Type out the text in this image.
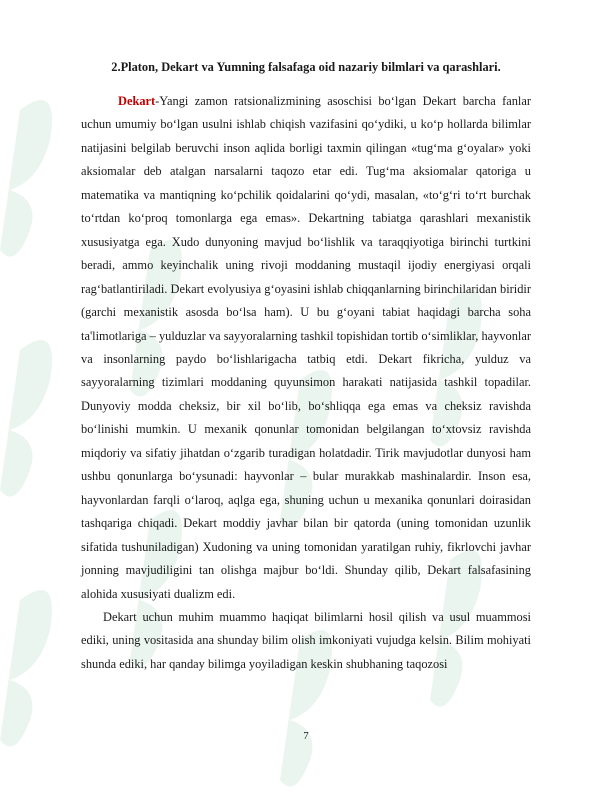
2.Platon, Dekart va Yumning falsafaga oid nazariy bilmlari va qarashlari.

Dekart-Yangi zamon ratsionalizmining asoschisi bo‘lgan Dekart barcha fanlar uchun umumiy bo‘lgan usulni ishlab chiqish vazifasini qo‘ydiki, u ko‘p hollarda bilimlar natijasini belgilab beruvchi inson aqlida borligi taxmin qilingan «tug‘ma g‘oyalar» yoki aksiomalar deb atalgan narsalarni taqozo etar edi. Tug‘ma aksiomalar qatoriga u matematika va mantiqning ko‘pchilik qoidalarini qo‘ydi, masalan, «to‘g‘ri to‘rt burchak to‘rtdan ko‘proq tomonlarga ega emas». Dekartning tabiatga qarashlari mexanistik xususiyatga ega. Xudo dunyoning mavjud bo‘lishlik va taraqqiyotiga birinchi turtkini beradi, ammo keyinchalik uning rivoji moddaning mustaqil ijodiy energiyasi orqali rag‘batlantiriladi. Dekart evolyusiya g‘oyasini ishlab chiqqanlarning birinchilaridan biridir (garchi mexanistik asosda bo‘lsa ham). U bu g‘oyani tabiat haqidagi barcha soha ta'limotlariga – yulduzlar va sayyoralarning tashkil topishidan tortib o‘simliklar, hayvonlar va insonlarning paydo bo‘lishlarigacha tatbiq etdi. Dekart fikricha, yulduz va sayyoralarning tizimlari moddaning quyunsimon harakati natijasida tashkil topadilar. Dunyoviy modda cheksiz, bir xil bo‘lib, bo‘shliqqa ega emas va cheksiz ravishda bo‘linishi mumkin. U mexanik qonunlar tomonidan belgilangan to‘xtovsiz ravishda miqdoriy va sifatiy jihatdan o‘zgarib turadigan holatdadir. Tirik mavjudotlar dunyosi ham ushbu qonunlarga bo‘ysunadi: hayvonlar – bular murakkab mashinalardir. Inson esa, hayvonlardan farqli o‘laroq, aqlga ega, shuning uchun u mexanika qonunlari doirasidan tashqariga chiqadi. Dekart moddiy javhar bilan bir qatorda (uning tomonidan uzunlik sifatida tushuniladigan) Xudoning va uning tomonidan yaratilgan ruhiy, fikrlovchi javhar jonning mavjudiligini tan olishga majbur bo‘ldi. Shunday qilib, Dekart falsafasining alohida xususiyati dualizm edi.

Dekart uchun muhim muammo haqiqat bilimlarni hosil qilish va usul muammosi ediki, uning vositasida ana shunday bilim olish imkoniyati vujudga kelsin. Bilim mohiyati shunda ediki, har qanday bilimga yoyiladigan keskin shubhaning taqozosi

7
